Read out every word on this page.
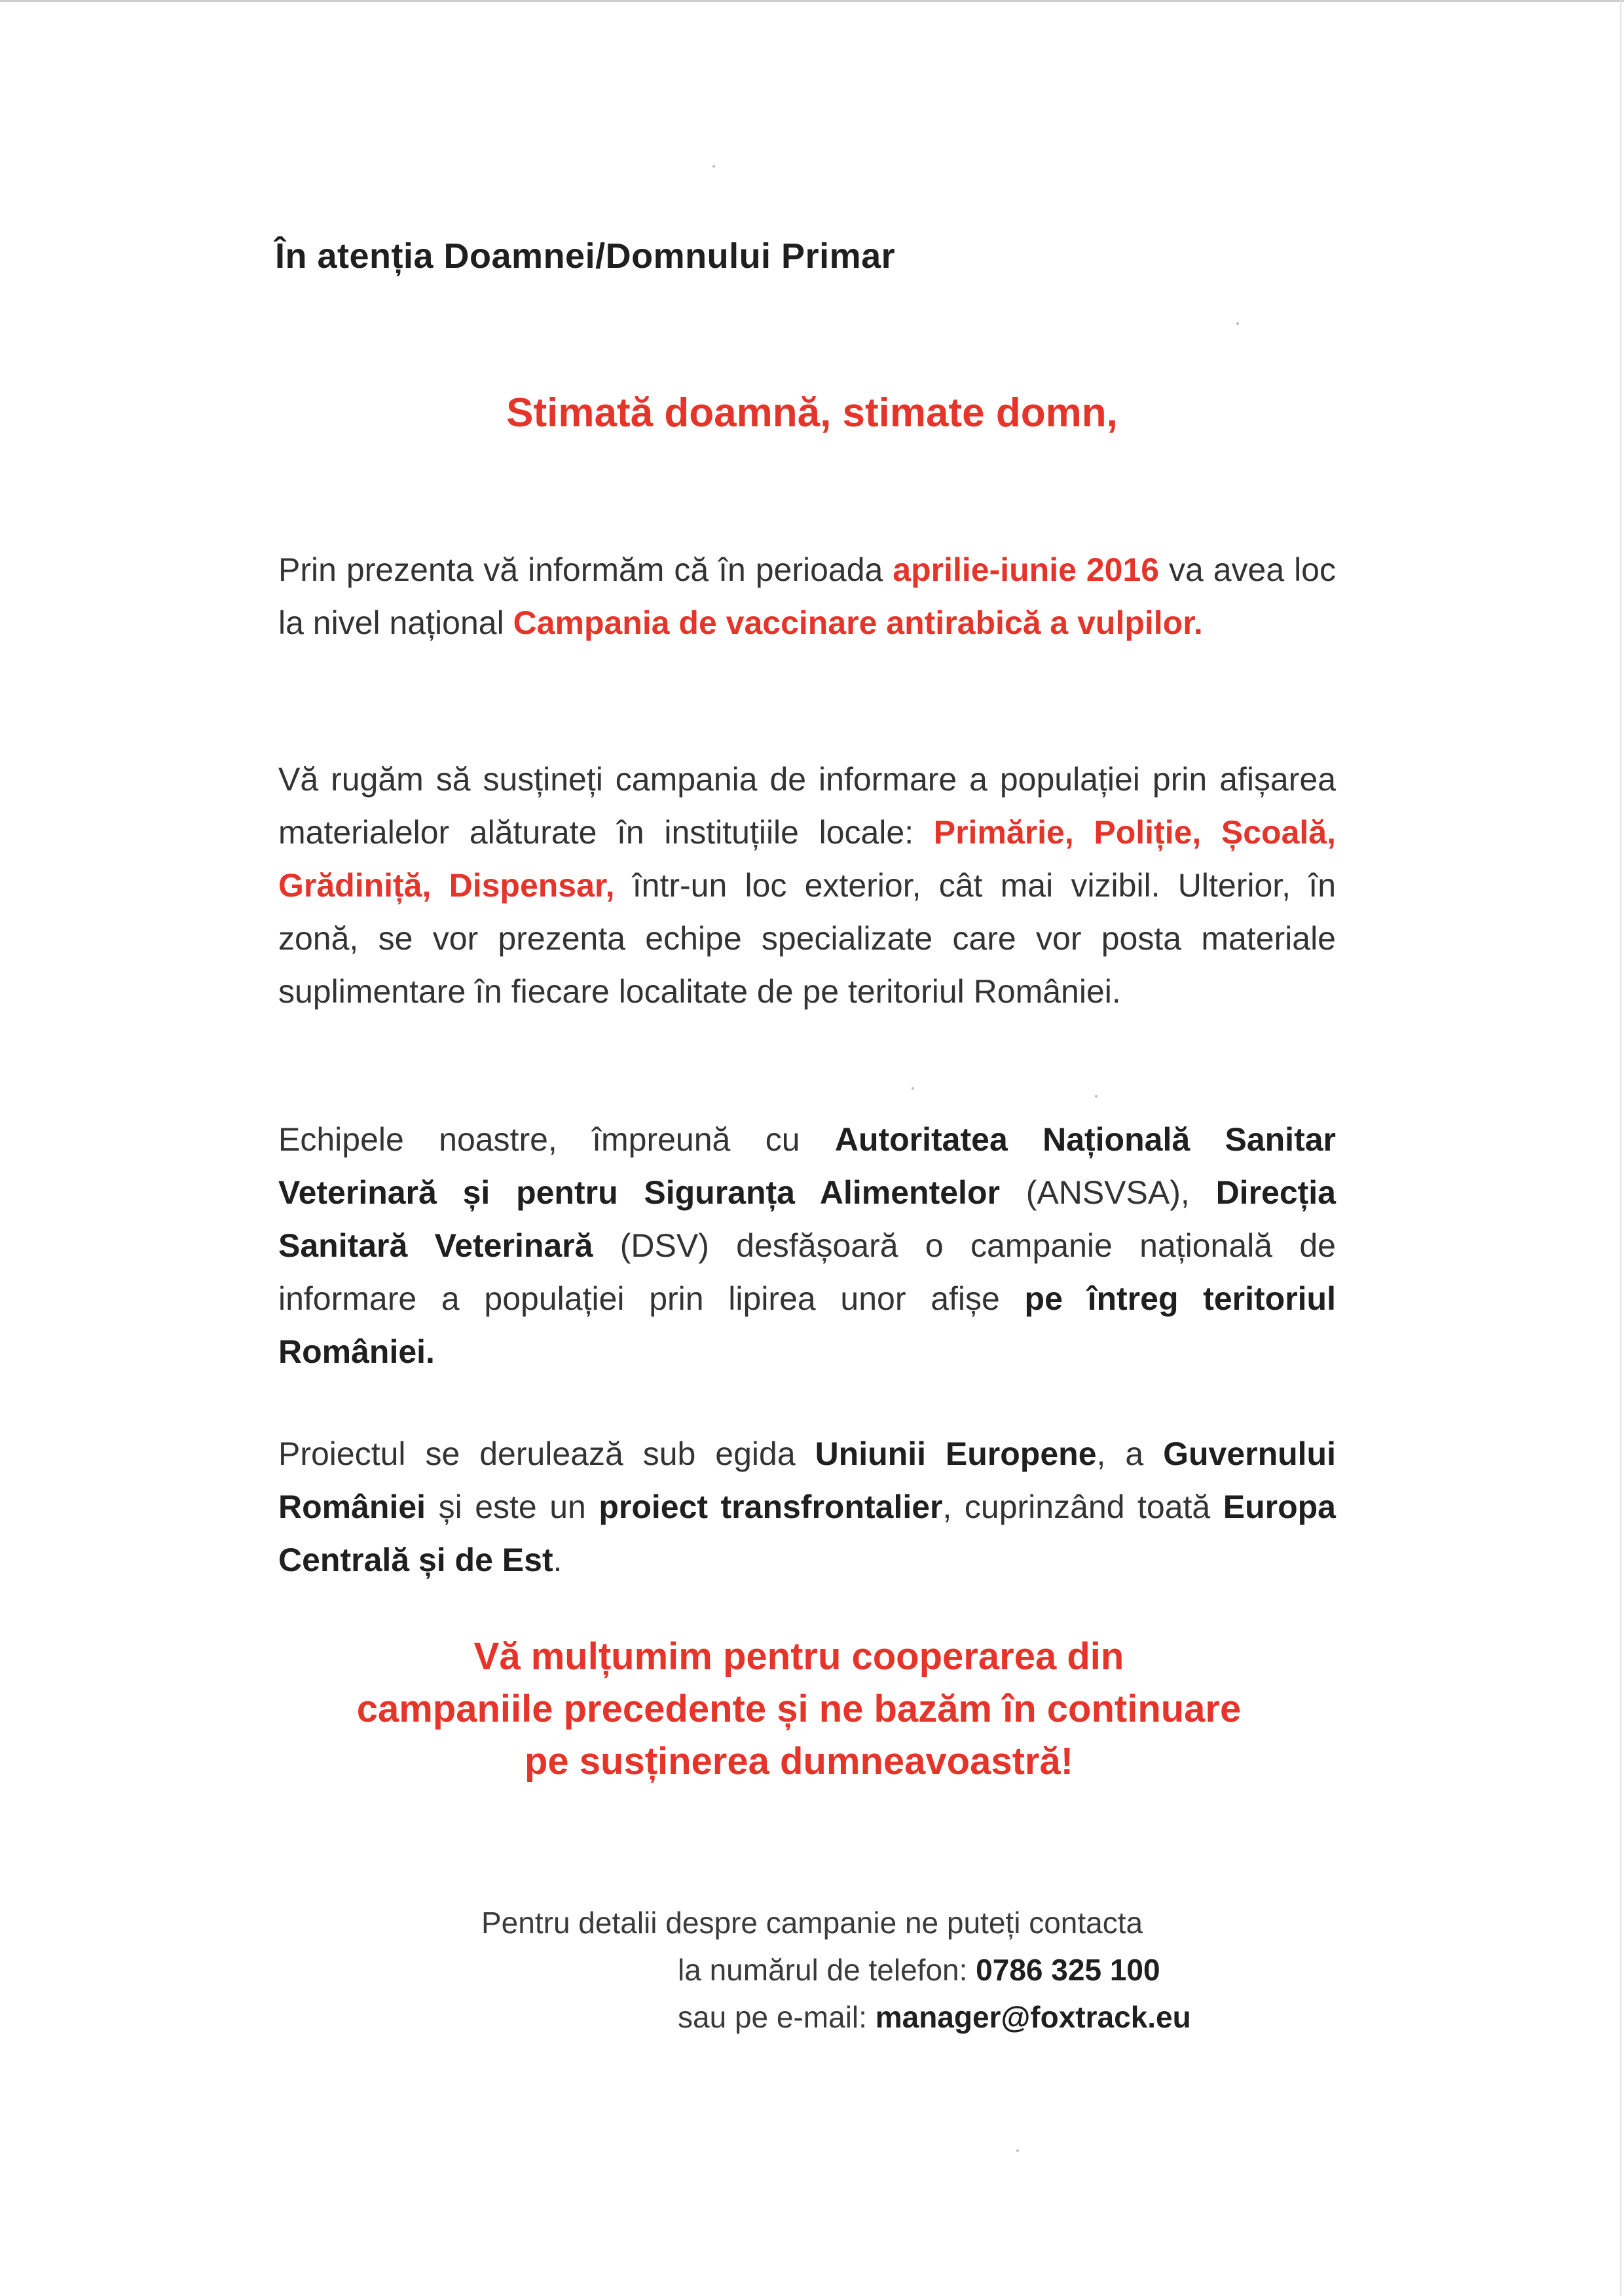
În atenția Doamnei/Domnului Primar
Stimată doamnă, stimate domn,

Prin prezenta vă informăm că în perioada aprilie-iunie 2016 va avea loc la nivel național Campania de vaccinare antirabică a vulpilor.

Vă rugăm să susțineți campania de informare a populației prin afișarea materialelor alăturate în instituțiile locale: Primărie, Poliție, Școală, Grădiniță, Dispensar, într-un loc exterior, cât mai vizibil. Ulterior, în zonă, se vor prezenta echipe specializate care vor posta materiale suplimentare în fiecare localitate de pe teritoriul României.

Echipele noastre, împreună cu Autoritatea Națională Sanitar Veterinară și pentru Siguranța Alimentelor (ANSVSA), Direcția Sanitară Veterinară (DSV) desfășoară o campanie națională de informare a populației prin lipirea unor afișe pe întreg teritoriul României.

Proiectul se derulează sub egida Uniunii Europene, a Guvernului României și este un proiect transfrontalier, cuprinzând toată Europa Centrală și de Est.

Vă mulțumim pentru cooperarea din
campaniile precedente și ne bazăm în continuare
pe susținerea dumneavoastră!
Pentru detalii despre campanie ne puteți contacta
la numărul de telefon: 0786 325 100
sau pe e-mail: manager@foxtrack.eu
